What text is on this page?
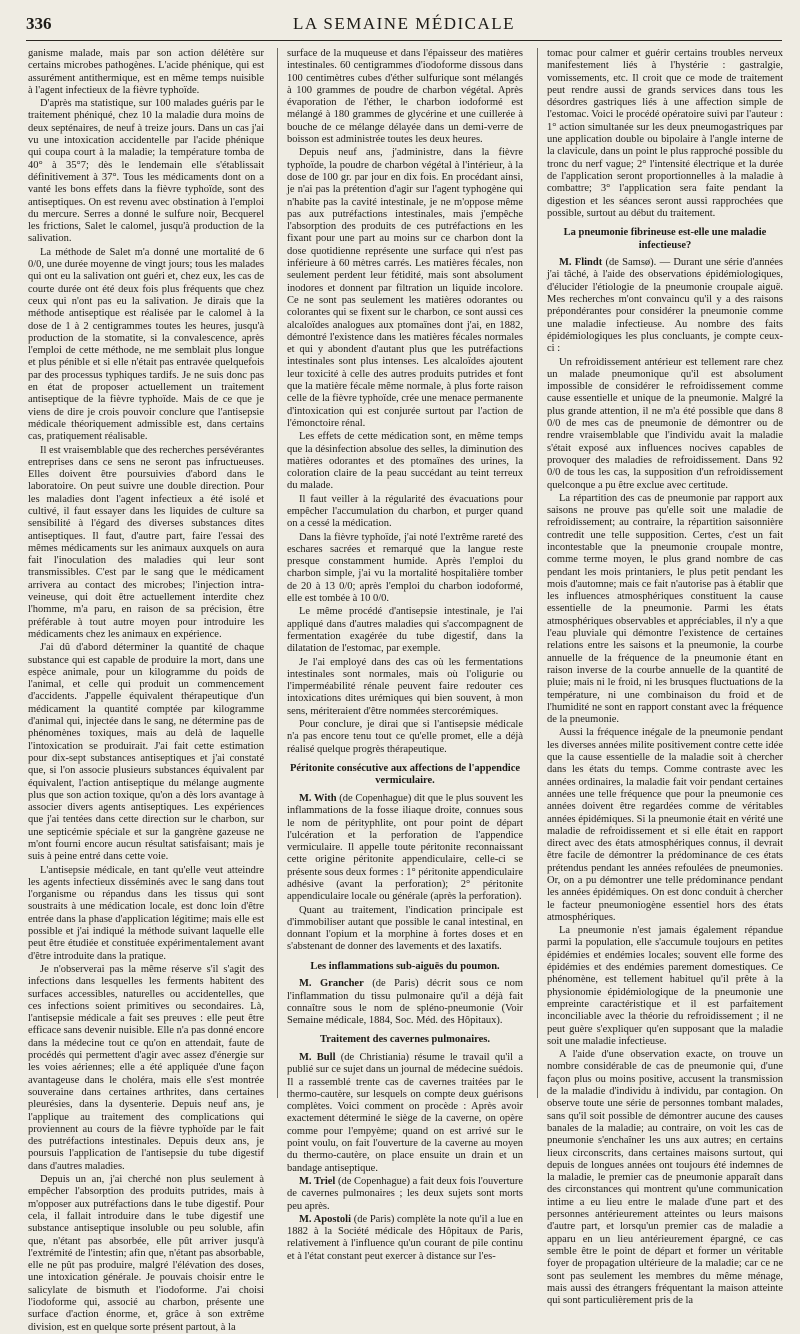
336	LA SEMAINE MÉDICALE

ganisme malade, mais par son action délétère sur certains microbes pathogènes. L'acide phénique, qui est assurément antithermique, est en même temps nuisible à l'agent infectieux de la fièvre typhoïde.

D'après ma statistique, sur 100 malades guéris par le traitement phéniqué, chez 10 la maladie dura moins de deux septénaires, de neuf à treize jours. Dans un cas j'ai vu une intoxication accidentelle par l'acide phénique qui coupa court à la maladie; la température tomba de 40° à 35°7; dès le lendemain elle s'établissait définitivement à 37°. Tous les médicaments dont on a vanté les bons effets dans la fièvre typhoïde, sont des antiseptiques. On est revenu avec obstination à l'emploi du mercure. Serres a donné le sulfure noir, Becquerel les frictions, Salet le calomel, jusqu'à production de la salivation.

La méthode de Salet m'a donné une mortalité de 6 0/0, une durée moyenne de vingt jours; tous les malades qui ont eu la salivation ont guéri et, chez eux, les cas de courte durée ont été deux fois plus fréquents que chez ceux qui n'ont pas eu la salivation. Je dirais que la méthode antiseptique est réalisée par le calomel à la dose de 1 à 2 centigrammes toutes les heures, jusqu'à production de la stomatite, si la convalescence, après l'emploi de cette méthode, ne me semblait plus longue et plus pénible et si elle n'était pas entravée quelquefois par des processus typhiques tardifs. Je ne suis donc pas en état de proposer actuellement un traitement antiseptique de la fièvre typhoïde. Mais de ce que je viens de dire je crois pouvoir conclure que l'antisepsie médicale théoriquement admissible est, dans certains cas, pratiquement réalisable.

Il est vraisemblable que des recherches persévérantes entreprises dans ce sens ne seront pas infructueuses. Elles doivent être poursuivies d'abord dans le laboratoire. On peut suivre une double direction. Pour les maladies dont l'agent infectieux a été isolé et cultivé, il faut essayer dans les liquides de culture sa sensibilité à l'égard des diverses substances dites antiseptiques. Il faut, d'autre part, faire l'essai des mêmes médicaments sur les animaux auxquels on aura fait l'inoculation des maladies qui leur sont transmissibles. C'est par le sang que le médicament arrivera au contact des microbes; l'injection intra-veineuse, qui doit être actuellement interdite chez l'homme, m'a paru, en raison de sa précision, être préférable à tout autre moyen pour introduire les médicaments chez les animaux en expérience.

J'ai dû d'abord déterminer la quantité de chaque substance qui est capable de produire la mort, dans une espèce animale, pour un kilogramme du poids de l'animal, et celle qui produit un commencement d'accidents. J'appelle équivalent thérapeutique d'un médicament la quantité comptée par kilogramme d'animal qui, injectée dans le sang, ne détermine pas de phénomènes toxiques, mais au delà de laquelle l'intoxication se produirait. J'ai fait cette estimation pour dix-sept substances antiseptiques et j'ai constaté que, si l'on associe plusieurs substances équivalent par équivalent, l'action antiseptique du mélange augmente plus que son action toxique, qu'on a dès lors avantage à associer divers agents antiseptiques. Les expériences que j'ai tentées dans cette direction sur le charbon, sur une septicémie spéciale et sur la gangrène gazeuse ne m'ont fourni encore aucun résultat satisfaisant; mais je suis à peine entré dans cette voie.

L'antisepsie médicale, en tant qu'elle veut atteindre les agents infectieux disséminés avec le sang dans tout l'organisme ou répandus dans les tissus qui sont soustraits à une médication locale, est donc loin d'être entrée dans la phase d'application légitime; mais elle est possible et j'ai indiqué la méthode suivant laquelle elle peut être étudiée et constituée expérimentalement avant d'être introduite dans la pratique.

Je n'observerai pas la même réserve s'il s'agit des infections dans lesquelles les ferments habitent des surfaces accessibles, naturelles ou accidentelles, que ces infections soient primitives ou secondaires. Là, l'antisepsie médicale a fait ses preuves : elle peut être efficace sans devenir nuisible. Elle n'a pas donné encore dans la médecine tout ce qu'on en attendait, faute de procédés qui permettent d'agir avec assez d'énergie sur les voies aériennes; elle a été appliquée d'une façon avantageuse dans le choléra, mais elle s'est montrée souveraine dans certaines arthrites, dans certaines pleurésies, dans la dysenterie. Depuis neuf ans, je l'applique au traitement des complications qui proviennent au cours de la fièvre typhoïde par le fait des putréfactions intestinales. Depuis deux ans, je poursuis l'application de l'antisepsie du tube digestif dans d'autres maladies.

Depuis un an, j'ai cherché non plus seulement à empêcher l'absorption des produits putrides, mais à m'opposer aux putréfactions dans le tube digestif. Pour cela, il fallait introduire dans le tube digestif une substance antiseptique insoluble ou peu soluble, afin que, n'étant pas absorbée, elle pût arriver jusqu'à l'extrémité de l'intestin; afin que, n'étant pas absorbable, elle ne pût pas produire, malgré l'élévation des doses, une intoxication générale. Je pouvais choisir entre le salicylate de bismuth et l'iodoforme. J'ai choisi l'iodoforme qui, associé au charbon, présente une surface d'action énorme, et, grâce à son extrême division, est en quelque sorte présent partout, à la

surface de la muqueuse et dans l'épaisseur des matières intestinales. 60 centigrammes d'iodoforme dissous dans 100 centimètres cubes d'éther sulfurique sont mélangés à 100 grammes de poudre de charbon végétal. Après évaporation de l'éther, le charbon iodoformé est mélangé à 180 grammes de glycérine et une cuillerée à bouche de ce mélange délayée dans un demi-verre de boisson est administrée toutes les deux heures.

Depuis neuf ans, j'administre, dans la fièvre typhoïde, la poudre de charbon végétal à l'intérieur, à la dose de 100 gr. par jour en dix fois. En procédant ainsi, je n'ai pas la prétention d'agir sur l'agent typhogène qui n'habite pas la cavité intestinale, je ne m'oppose même pas aux putréfactions intestinales, mais j'empêche l'absorption des produits de ces putréfactions en les fixant pour une part au moins sur ce charbon dont la dose quotidienne représente une surface qui n'est pas inférieure à 60 mètres carrés. Les matières fécales, non seulement perdent leur fétidité, mais sont absolument inodores et donnent par filtration un liquide incolore. Ce ne sont pas seulement les matières odorantes ou colorantes qui se fixent sur le charbon, ce sont aussi ces alcaloïdes analogues aux ptomaïnes dont j'ai, en 1882, démontré l'existence dans les matières fécales normales et qui y abondent d'autant plus que les putréfactions intestinales sont plus intenses. Les alcaloïdes ajoutent leur toxicité à celle des autres produits putrides et font que la matière fécale même normale, à plus forte raison celle de la fièvre typhoïde, crée une menace permanente d'intoxication qui est conjurée surtout par l'action de l'émonctoire rénal.

Les effets de cette médication sont, en même temps que la désinfection absolue des selles, la diminution des matières odorantes et des ptomaïnes des urines, la coloration claire de la peau succédant au teint terreux du malade.

Il faut veiller à la régularité des évacuations pour empêcher l'accumulation du charbon, et purger quand on a cessé la médication.

Dans la fièvre typhoïde, j'ai noté l'extrême rareté des eschares sacrées et remarqué que la langue reste presque constamment humide. Après l'emploi du charbon simple, j'ai vu la mortalité hospitalière tomber de 20 à 13 0/0; après l'emploi du charbon iodoformé, elle est tombée à 10 0/0.

Le même procédé d'antisepsie intestinale, je l'ai appliqué dans d'autres maladies qui s'accompagnent de fermentation exagérée du tube digestif, dans la dilatation de l'estomac, par exemple.

Je l'ai employé dans des cas où les fermentations intestinales sont normales, mais où l'oligurie ou l'imperméabilité rénale peuvent faire redouter ces intoxications dites urémiques qui bien souvent, à mon sens, mériteraient d'être nommées stercorémiques.

Pour conclure, je dirai que si l'antisepsie médicale n'a pas encore tenu tout ce qu'elle promet, elle a déjà réalisé quelque progrès thérapeutique.

Péritonite consécutive aux affections de l'appendice vermiculaire.

M. With (de Copenhague) dit que le plus souvent les inflammations de la fosse iliaque droite, connues sous le nom de pérityphlite, ont pour point de départ l'ulcération et la perforation de l'appendice vermiculaire. Il appelle toute péritonite reconnaissant cette origine péritonite appendiculaire, celle-ci se présente sous deux formes : 1° péritonite appendiculaire adhésive (avant la perforation); 2° péritonite appendiculaire locale ou générale (après la perforation).

Quant au traitement, l'indication principale est d'immobiliser autant que possible le canal intestinal, en donnant l'opium et la morphine à fortes doses et en s'abstenant de donner des lavements et des laxatifs.

Les inflammations sub-aiguës du poumon.

M. Grancher (de Paris) décrit sous ce nom l'inflammation du tissu pulmonaire qu'il a déjà fait connaître sous le nom de spléno-pneumonie (Voir Semaine médicale, 1884, Soc. Méd. des Hôpitaux).

Traitement des cavernes pulmonaires.

M. Bull (de Christiania) résume le travail qu'il a publié sur ce sujet dans un journal de médecine suédois. Il a rassemblé trente cas de cavernes traitées par le thermo-cautère, sur lesquels on compte deux guérisons complètes. Voici comment on procède : Après avoir exactement déterminé le siège de la caverne, on opère comme pour l'empyème; quand on est arrivé sur le point voulu, on fait l'ouverture de la caverne au moyen du thermo-cautère, on place ensuite un drain et un bandage antiseptique.

M. Triel (de Copenhague) a fait deux fois l'ouverture de cavernes pulmonaires ; les deux sujets sont morts peu après.

M. Apostoli (de Paris) complète la note qu'il a lue en 1882 à la Société médicale des Hôpitaux de Paris, relativement à l'influence qu'un courant de pile continu et à l'état constant peut exercer à distance sur l'es-

tomac pour calmer et guérir certains troubles nerveux manifestement liés à l'hystérie : gastralgie, vomissements, etc. Il croit que ce mode de traitement peut rendre aussi de grands services dans tous les désordres gastriques liés à une affection simple de l'estomac. Voici le procédé opératoire suivi par l'auteur : 1° action simultanée sur les deux pneumogastriques par une application double ou bipolaire à l'angle interne de la clavicule, dans un point le plus rapproché possible du tronc du nerf vague; 2° l'intensité électrique et la durée de l'application seront proportionnelles à la maladie à combattre; 3° l'application sera faite pendant la digestion et les séances seront aussi rapprochées que possible, surtout au début du traitement.

La pneumonie fibrineuse est-elle une maladie infectieuse?

M. Flindt (de Samsø). — Durant une série d'années j'ai tâché, à l'aide des observations épidémiologiques, d'élucider l'étiologie de la pneumonie croupale aiguë. Mes recherches m'ont convaincu qu'il y a des raisons prépondérantes pour considérer la pneumonie comme une maladie infectieuse. Au nombre des faits épidémiologiques les plus concluants, je compte ceux-ci :

Un refroidissement antérieur est tellement rare chez un malade pneumonique qu'il est absolument impossible de considérer le refroidissement comme cause essentielle et unique de la pneumonie. Malgré la plus grande attention, il ne m'a été possible que dans 8 0/0 de mes cas de pneumonie de démontrer ou de rendre vraisemblable que l'individu avait la maladie s'était exposé aux influences nocives capables de provoquer des maladies de refroidissement. Dans 92 0/0 de tous les cas, la supposition d'un refroidissement quelconque a pu être exclue avec certitude.

La répartition des cas de pneumonie par rapport aux saisons ne prouve pas qu'elle soit une maladie de refroidissement; au contraire, la répartition saisonnière contredit une telle supposition. Certes, c'est un fait incontestable que la pneumonie croupale montre, comme terme moyen, le plus grand nombre de cas pendant les mois printaniers, le plus petit pendant les mois d'automne; mais ce fait n'autorise pas à établir que les influences atmosphériques constituent la cause essentielle de la pneumonie. Parmi les états atmosphériques observables et appréciables, il n'y a que l'eau pluviale qui démontre l'existence de certaines relations entre les saisons et la pneumonie, la courbe annuelle de la fréquence de la pneumonie étant en raison inverse de la courbe annuelle de la quantité de pluie; mais ni le froid, ni les brusques fluctuations de la température, ni une combinaison du froid et de l'humidité ne sont en rapport constant avec la fréquence de la pneumonie.

Aussi la fréquence inégale de la pneumonie pendant les diverses années milite positivement contre cette idée que la cause essentielle de la maladie soit à chercher dans les états du temps. Comme contraste avec les années ordinaires, la maladie fait voir pendant certaines années une telle fréquence que pour la pneumonie ces années doivent être regardées comme de véritables années épidémiques. Si la pneumonie était en vérité une maladie de refroidissement et si elle était en rapport direct avec des états atmosphériques connus, il devrait être facile de démontrer la prédominance de ces états prétendus pendant les années refoulées de pneumonies. Or, on a pu démontrer une telle prédominance pendant les années épidémiques. On est donc conduit à chercher le facteur pneumoniogène essentiel hors des états atmosphériques.

La pneumonie n'est jamais également répandue parmi la population, elle s'accumule toujours en petites épidémies et endémies locales; souvent elle forme des épidémies et des endémies parement domestiques. Ce phénomène, est tellement habituel qu'il prête à la physionomie épidémiologique de la pneumonie une empreinte caractéristique et il est parfaitement inconciliable avec la théorie du refroidissement ; il ne peut guère s'expliquer qu'en supposant que la maladie soit une maladie infectieuse.

A l'aide d'une observation exacte, on trouve un nombre considérable de cas de pneumonie qui, d'une façon plus ou moins positive, accusent la transmission de la maladie d'individu à individu, par contagion. On observe toute une série de personnes tombant malades, sans qu'il soit possible de démontrer aucune des causes banales de la maladie; au contraire, on voit les cas de pneumonie s'enchaîner les uns aux autres; en certains lieux circonscrits, dans certaines maisons surtout, qui depuis de longues années ont toujours été indemnes de la maladie, le premier cas de pneumonie apparaît dans des circonstances qui montrent qu'une communication intime a eu lieu entre le malade d'une part et des personnes antérieurement atteintes ou leurs maisons d'autre part, et lorsqu'un premier cas de maladie a apparu en un lieu antérieurement épargné, ce cas semble être le point de départ et former un véritable foyer de propagation ultérieure de la maladie; car ce ne sont pas seulement les membres du même ménage, mais aussi des étrangers fréquentant la maison atteinte qui sont particulièrement pris de la
